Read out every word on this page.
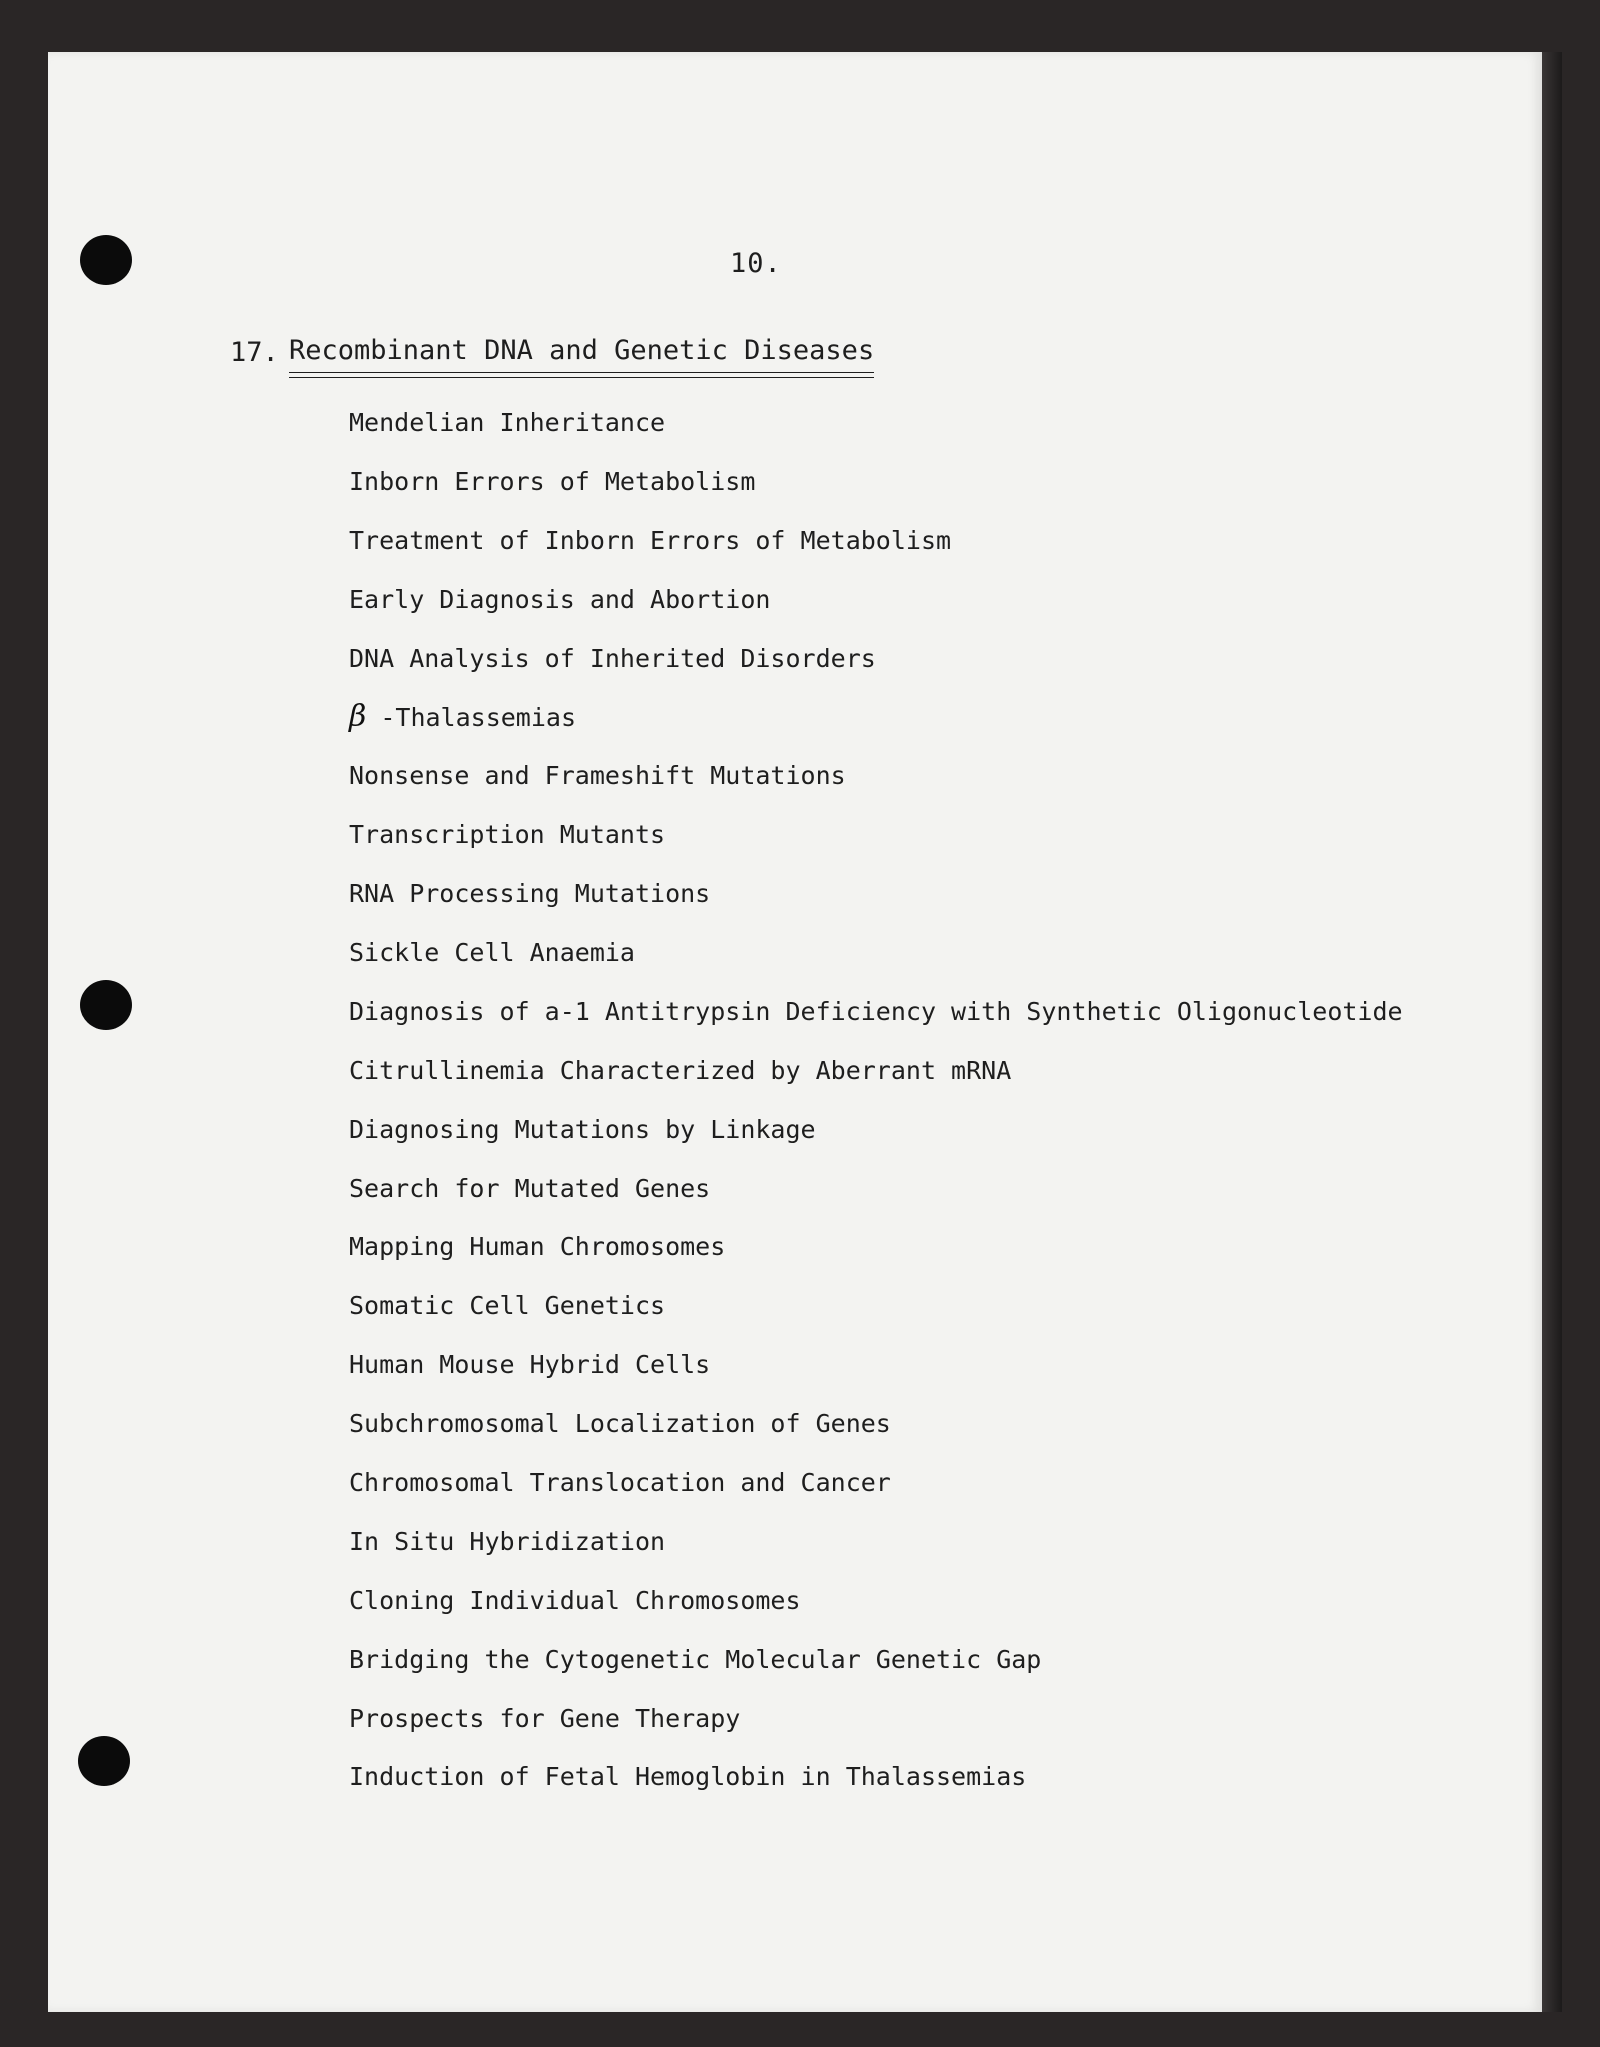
10.
17. Recombinant DNA and Genetic Diseases
Mendelian Inheritance
Inborn Errors of Metabolism
Treatment of Inborn Errors of Metabolism
Early Diagnosis and Abortion
DNA Analysis of Inherited Disorders
β -Thalassemias
Nonsense and Frameshift Mutations
Transcription Mutants
RNA Processing Mutations
Sickle Cell Anaemia
Diagnosis of a-1 Antitrypsin Deficiency with Synthetic Oligonucleotide
Citrullinemia Characterized by Aberrant mRNA
Diagnosing Mutations by Linkage
Search for Mutated Genes
Mapping Human Chromosomes
Somatic Cell Genetics
Human Mouse Hybrid Cells
Subchromosomal Localization of Genes
Chromosomal Translocation and Cancer
In Situ Hybridization
Cloning Individual Chromosomes
Bridging the Cytogenetic Molecular Genetic Gap
Prospects for Gene Therapy
Induction of Fetal Hemoglobin in Thalassemias
